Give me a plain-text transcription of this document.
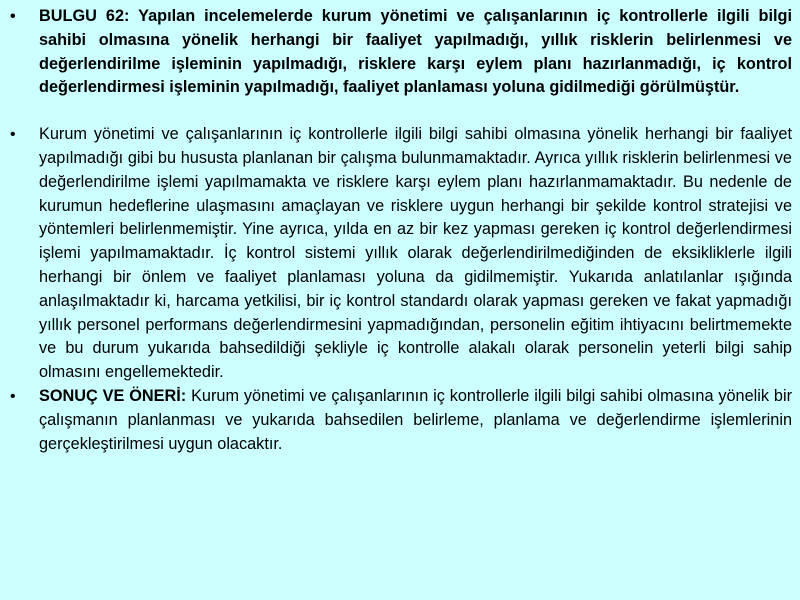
• BULGU 62: Yapılan incelemelerde kurum yönetimi ve çalışanlarının iç kontrollerle ilgili bilgi sahibi olmasına yönelik herhangi bir faaliyet yapılmadığı, yıllık risklerin belirlenmesi ve değerlendirilme işleminin yapılmadığı, risklere karşı eylem planı hazırlanmadığı, iç kontrol değerlendirmesi işleminin yapılmadığı, faaliyet planlaması yoluna gidilmediği görülmüştür.
• Kurum yönetimi ve çalışanlarının iç kontrollerle ilgili bilgi sahibi olmasına yönelik herhangi bir faaliyet yapılmadığı gibi bu hususta planlanan bir çalışma bulunmamaktadır. Ayrıca yıllık risklerin belirlenmesi ve değerlendirilme işlemi yapılmamakta ve risklere karşı eylem planı hazırlanmamaktadır. Bu nedenle de kurumun hedeflerine ulaşmasını amaçlayan ve risklere uygun herhangi bir şekilde kontrol stratejisi ve yöntemleri belirlenmemiştir. Yine ayrıca, yılda en az bir kez yapması gereken iç kontrol değerlendirmesi işlemi yapılmamaktadır. İç kontrol sistemi yıllık olarak değerlendirilmediğinden de eksikliklerle ilgili herhangi bir önlem ve faaliyet planlaması yoluna da gidilmemiştir. Yukarıda anlatılanlar ışığında anlaşılmaktadır ki, harcama yetkilisi, bir iç kontrol standardı olarak yapması gereken ve fakat yapmadığı yıllık personel performans değerlendirmesini yapmadığından, personelin eğitim ihtiyacını belirtmemekte ve bu durum yukarıda bahsedildiği şekliyle iç kontrolle alakalı olarak personelin yeterli bilgi sahip olmasını engellemektedir.
• SONUÇ VE ÖNERİ: Kurum yönetimi ve çalışanlarının iç kontrollerle ilgili bilgi sahibi olmasına yönelik bir çalışmanın planlanması ve yukarıda bahsedilen belirleme, planlama ve değerlendirme işlemlerinin gerçekleştirilmesi uygun olacaktır.
